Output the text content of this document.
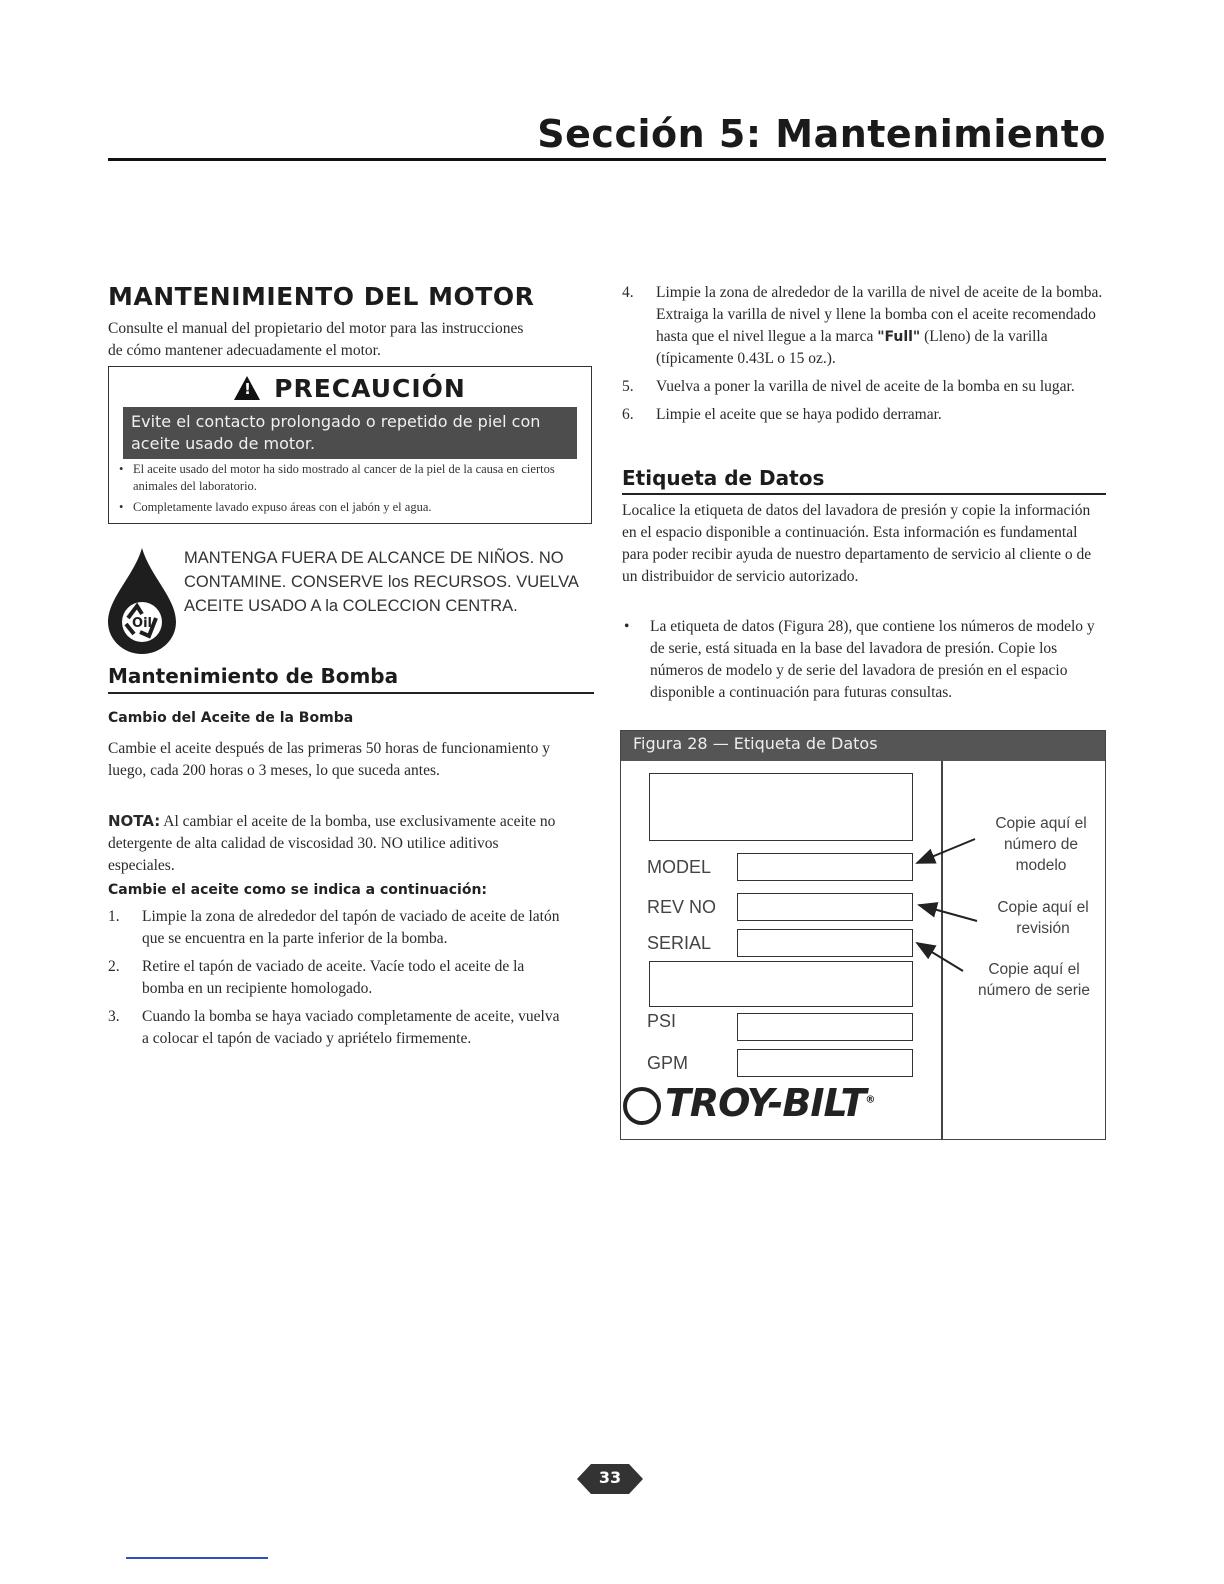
Sección 5: Mantenimiento
MANTENIMIENTO DEL MOTOR
Consulte el manual del propietario del motor para las instrucciones de cómo mantener adecuadamente el motor.
! PRECAUCIÓN
Evite el contacto prolongado o repetido de piel con aceite usado de motor.
• El aceite usado del motor ha sido mostrado al cancer de la piel de la causa en ciertos animales del laboratorio.
• Completamente lavado expuso áreas con el jabón y el agua.
Oil
MANTENGA FUERA DE ALCANCE DE NIÑOS. NO CONTAMINE. CONSERVE los RECURSOS. VUELVA ACEITE USADO A la COLECCION CENTRA.
Mantenimiento de Bomba
Cambio del Aceite de la Bomba
Cambie el aceite después de las primeras 50 horas de funcionamiento y luego, cada 200 horas o 3 meses, lo que suceda antes.
NOTA: Al cambiar el aceite de la bomba, use exclusivamente aceite no detergente de alta calidad de viscosidad 30. NO utilice aditivos especiales.
Cambie el aceite como se indica a continuación:
1. Limpie la zona de alrededor del tapón de vaciado de aceite de latón que se encuentra en la parte inferior de la bomba.
2. Retire el tapón de vaciado de aceite. Vacíe todo el aceite de la bomba en un recipiente homologado.
3. Cuando la bomba se haya vaciado completamente de aceite, vuelva a colocar el tapón de vaciado y apriételo firmemente.
4. Limpie la zona de alrededor de la varilla de nivel de aceite de la bomba. Extraiga la varilla de nivel y llene la bomba con el aceite recomendado hasta que el nivel llegue a la marca "Full" (Lleno) de la varilla (típicamente 0.43L o 15 oz.).
5. Vuelva a poner la varilla de nivel de aceite de la bomba en su lugar.
6. Limpie el aceite que se haya podido derramar.
Etiqueta de Datos
Localice la etiqueta de datos del lavadora de presión y copie la información en el espacio disponible a continuación. Esta información es fundamental para poder recibir ayuda de nuestro departamento de servicio al cliente o de un distribuidor de servicio autorizado.
• La etiqueta de datos (Figura 28), que contiene los números de modelo y de serie, está situada en la base del lavadora de presión. Copie los números de modelo y de serie del lavadora de presión en el espacio disponible a continuación para futuras consultas.
Figura 28 — Etiqueta de Datos
MODEL
REV NO
SERIAL
PSI
GPM
Copie aquí el número de modelo
Copie aquí el revisión
Copie aquí el número de serie
TROY-BILT®
33
